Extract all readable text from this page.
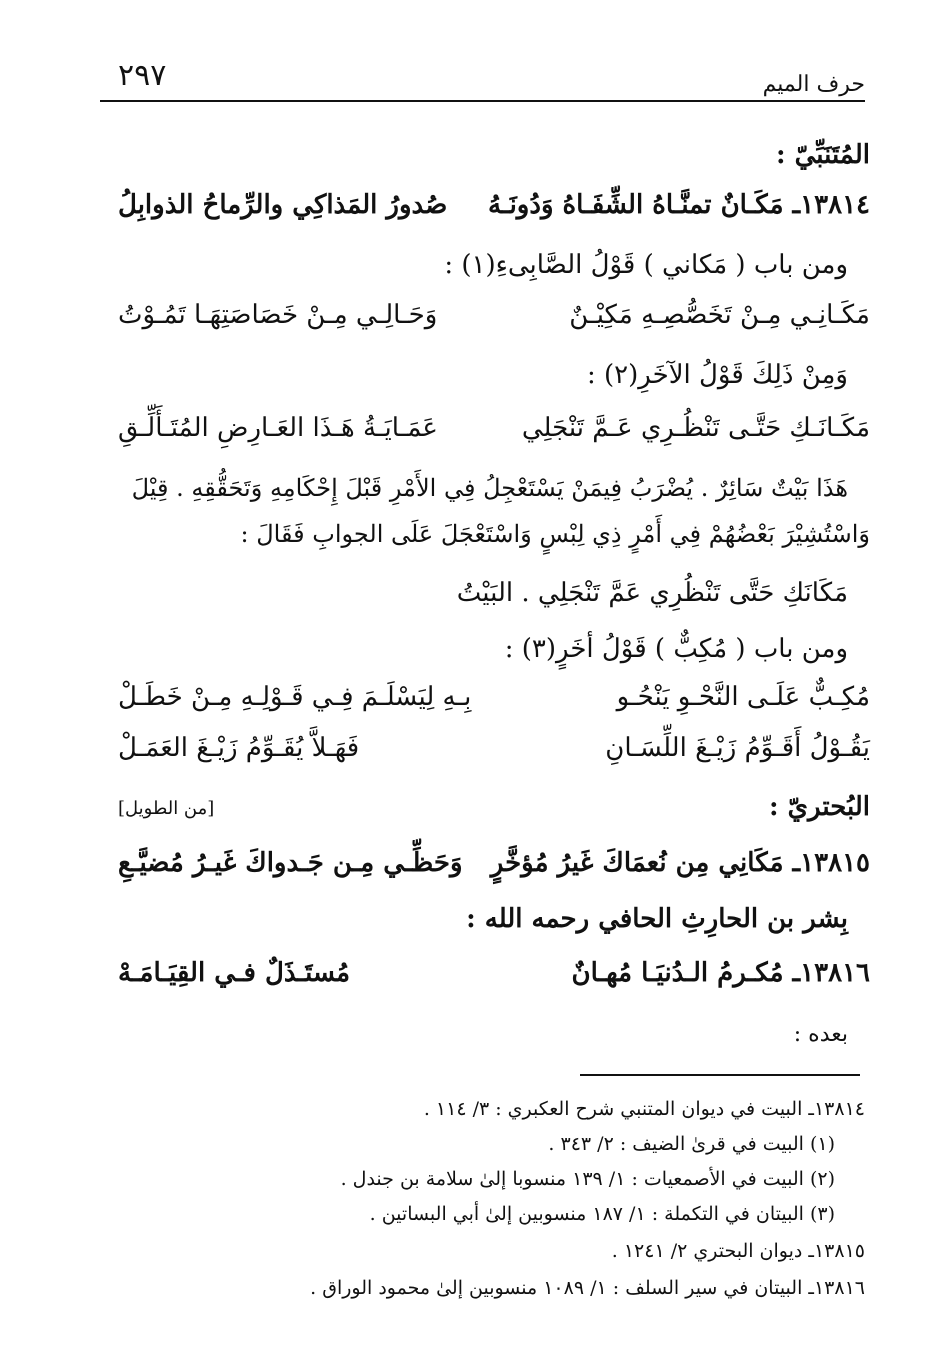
٢٩٧	حرف الميم
المُتَنَبِّيّ :
١٣٨١٤ـ مَكَـانٌ تمنَّـاهُ الشِّفَـاهُ وَدُونَـهُ
صُدورُ المَذاكِي والرِّماحُ الذوابِلُ
ومن باب ( مَكاني ) قَوْلُ الصَّابِىءِ(١) :
مَكَـانِـي مِـنْ تَخَصُّصِـهِ مَكِيْـنٌ
وَحَـالِـي مِـنْ خَصَاصَتِهَـا تَمُـوْتُ
وَمِنْ ذَلِكَ قَوْلُ الآخَرِ(٢) :
مَكَـانَـكِ حَتَّـى تَنْظُـرِي عَـمَّ تَنْجَلِي
عَمَـايَـةُ هَـذَا العَـارِضِ المُتَـأَلِّـقِ
هَذَا بَيْتٌ سَائِرٌ . يُضْرَبُ فِيمَنْ يَسْتَعْجِلُ فِي الأَمْرِ قَبْلَ إِحْكَامِهِ وَتَحَقُّقِهِ . قِيْلَ
وَاسْتُشِيْرَ بَعْضُهُمْ فِي أَمْرٍ ذِي لِبْسٍ وَاسْتَعْجَلَ عَلَى الجوابِ فَقَالَ :
مَكَانَكِ حَتَّى تَنْظُرِي عَمَّ تَنْجَلِي . البَيْتُ
ومن باب ( مُكِبٌّ ) قَوْلُ أخَرٍ(٣) :
مُكِـبٌّ عَلَـى النَّحْـوِ يَنْحُـو
بِـهِ لِيَسْلَـمَ فِـي قَـوْلِـهِ مِـنْ خَطَـلْ
يَقُـوْلُ أَقَـوِّمُ زَيْـغَ اللِّسَـانِ
فَهَـلاَّ يُقَـوِّمُ زَيْـغَ العَمَـلْ
البُحتريّ :
[من الطويل]
١٣٨١٥ـ مَكَانِي مِن نُعمَاكَ غَيرُ مُؤخَّرٍ
وَحَظِّـي مِـن جَـدواكَ غَيـرُ مُضيَّـعِ
بِشر بن الحارِثِ الحافي رحمه الله :
١٣٨١٦ـ مُكـرمُ الـدُنيَـا مُهـانٌ
مُستَـذَلٌ فـي القِيَـامَـهْ
بعده :
١٣٨١٤ـ البيت في ديوان المتنبي شرح العكبري : ٣/ ١١٤ .
(١) البيت في قرىٰ الضيف : ٢/ ٣٤٣ .
(٢) البيت في الأصمعيات : ١/ ١٣٩ منسوبا إلىٰ سلامة بن جندل .
(٣) البيتان في التكملة : ١/ ١٨٧ منسوبين إلىٰ أبي البساتين .
١٣٨١٥ـ ديوان البحتري ٢/ ١٢٤١ .
١٣٨١٦ـ البيتان في سير السلف : ١/ ١٠٨٩ منسوبين إلىٰ محمود الوراق .
